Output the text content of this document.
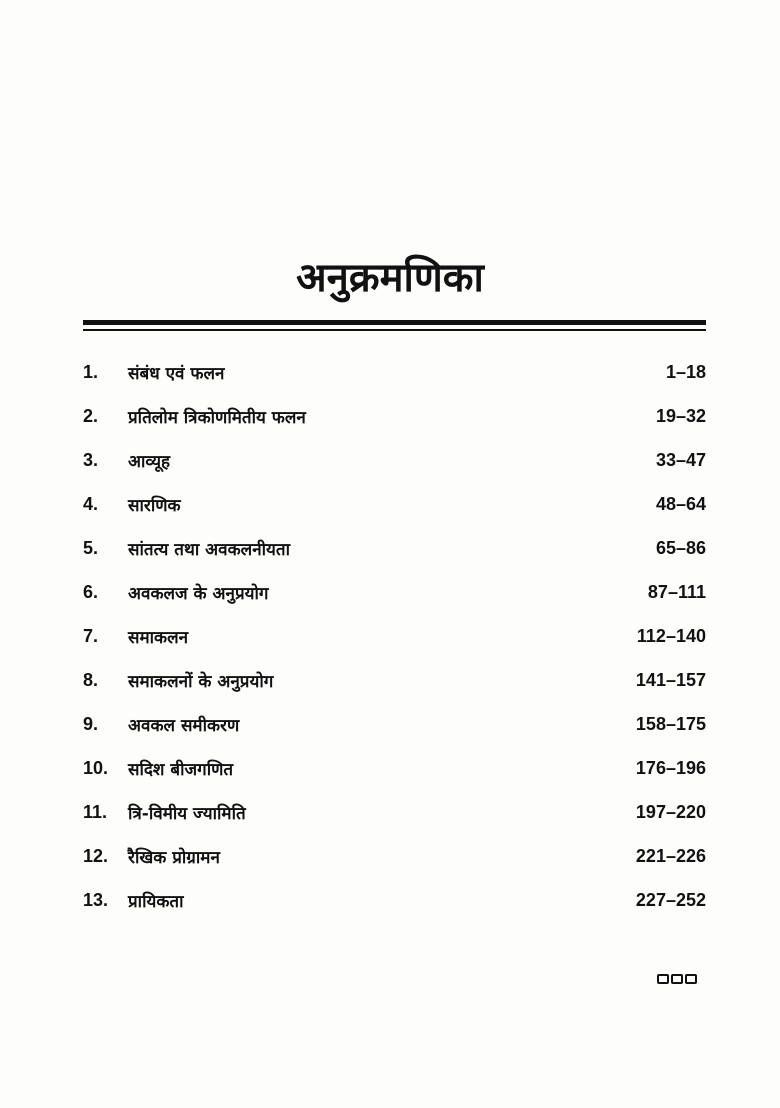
अनुक्रमणिका
1.	संबंध एवं फलन	1–18
2.	प्रतिलोम त्रिकोणमितीय फलन	19–32
3.	आव्यूह	33–47
4.	सारणिक	48–64
5.	सांतत्य तथा अवकलनीयता	65–86
6.	अवकलज के अनुप्रयोग	87–111
7.	समाकलन	112–140
8.	समाकलनों के अनुप्रयोग	141–157
9.	अवकल समीकरण	158–175
10.	सदिश बीजगणित	176–196
11.	त्रि-विमीय ज्यामिति	197–220
12.	रैखिक प्रोग्रामन	221–226
13.	प्रायिकता	227–252
